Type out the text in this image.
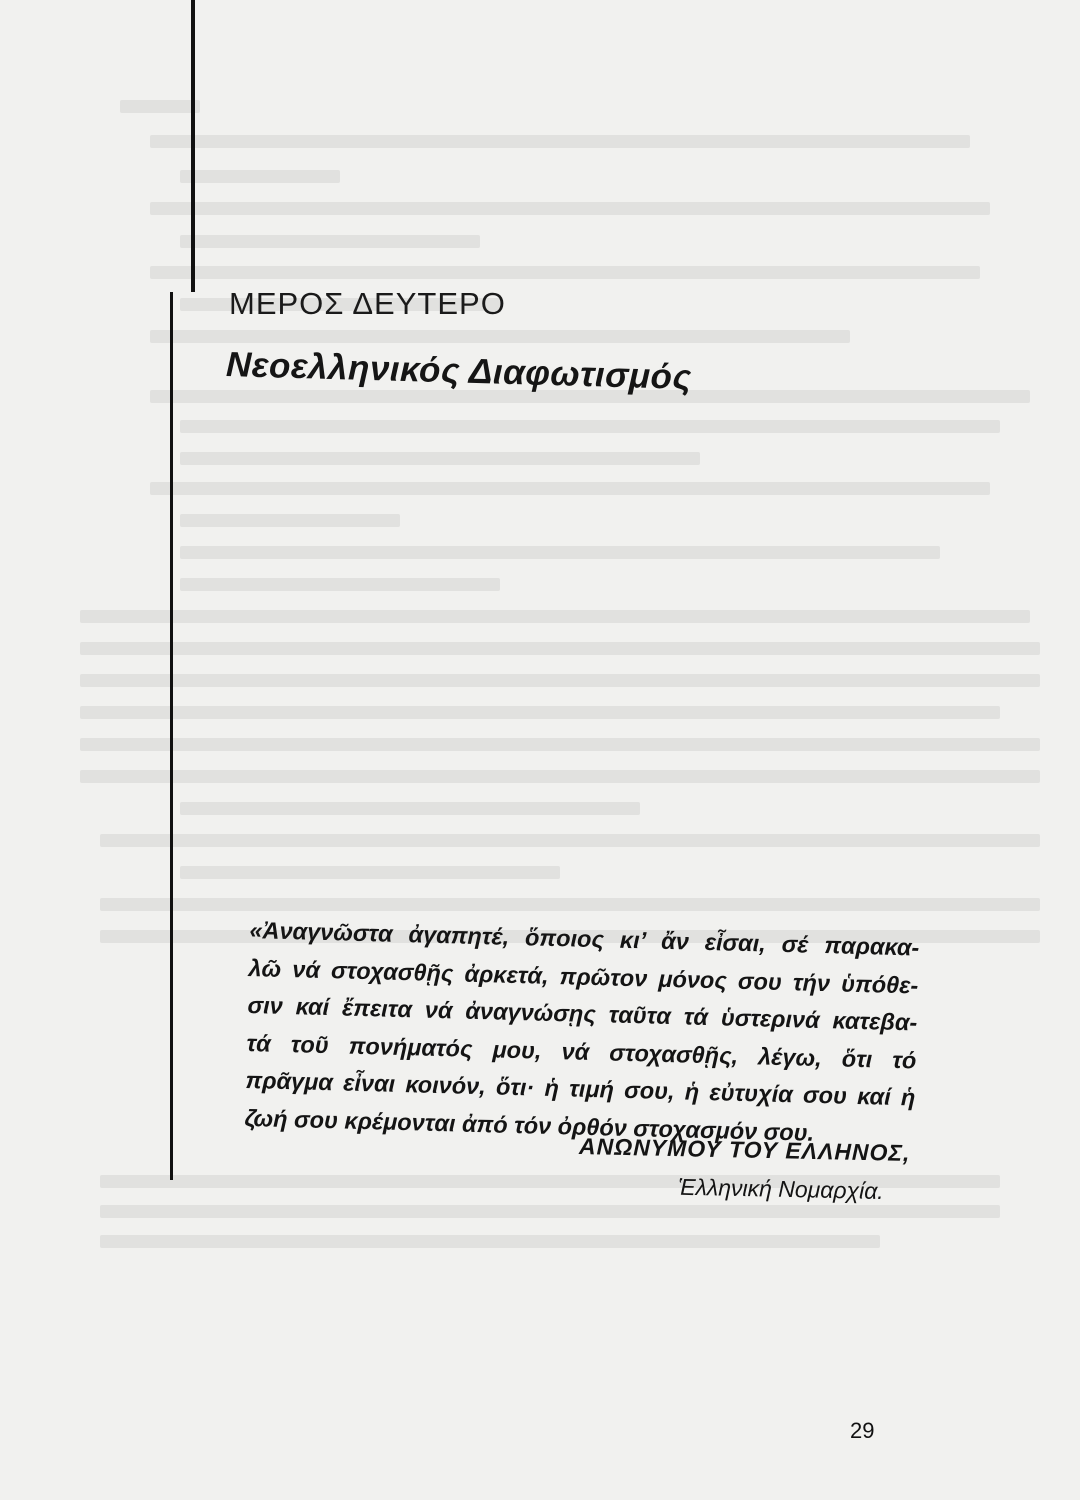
ΜΕΡΟΣ ΔΕΥΤΕΡΟ
Νεοελληνικός Διαφωτισμός
«Ἀναγνῶστα ἀγαπητέ, ὅποιος κι’ ἄν εἶσαι, σέ παρακα-
λῶ νά στοχασθῇς ἀρκετά, πρῶτον μόνος σου τήν ὑπόθε-
σιν καί ἔπειτα νά ἀναγνώσῃς ταῦτα τά ὑστερινά κατεβα-
τά τοῦ πονήματός μου, νά στοχασθῇς, λέγω, ὅτι τό
πρᾶγμα εἶναι κοινόν, ὅτι· ἡ τιμή σου, ἡ εὐτυχία σου καί ἡ
ζωή σου κρέμονται ἀπό τόν ὀρθόν στοχασμόν σου.
ΑΝΩΝΥΜΟΥ ΤΟΥ ΕΛΛΗΝΟΣ,
Ἑλληνική Νομαρχία.
29
